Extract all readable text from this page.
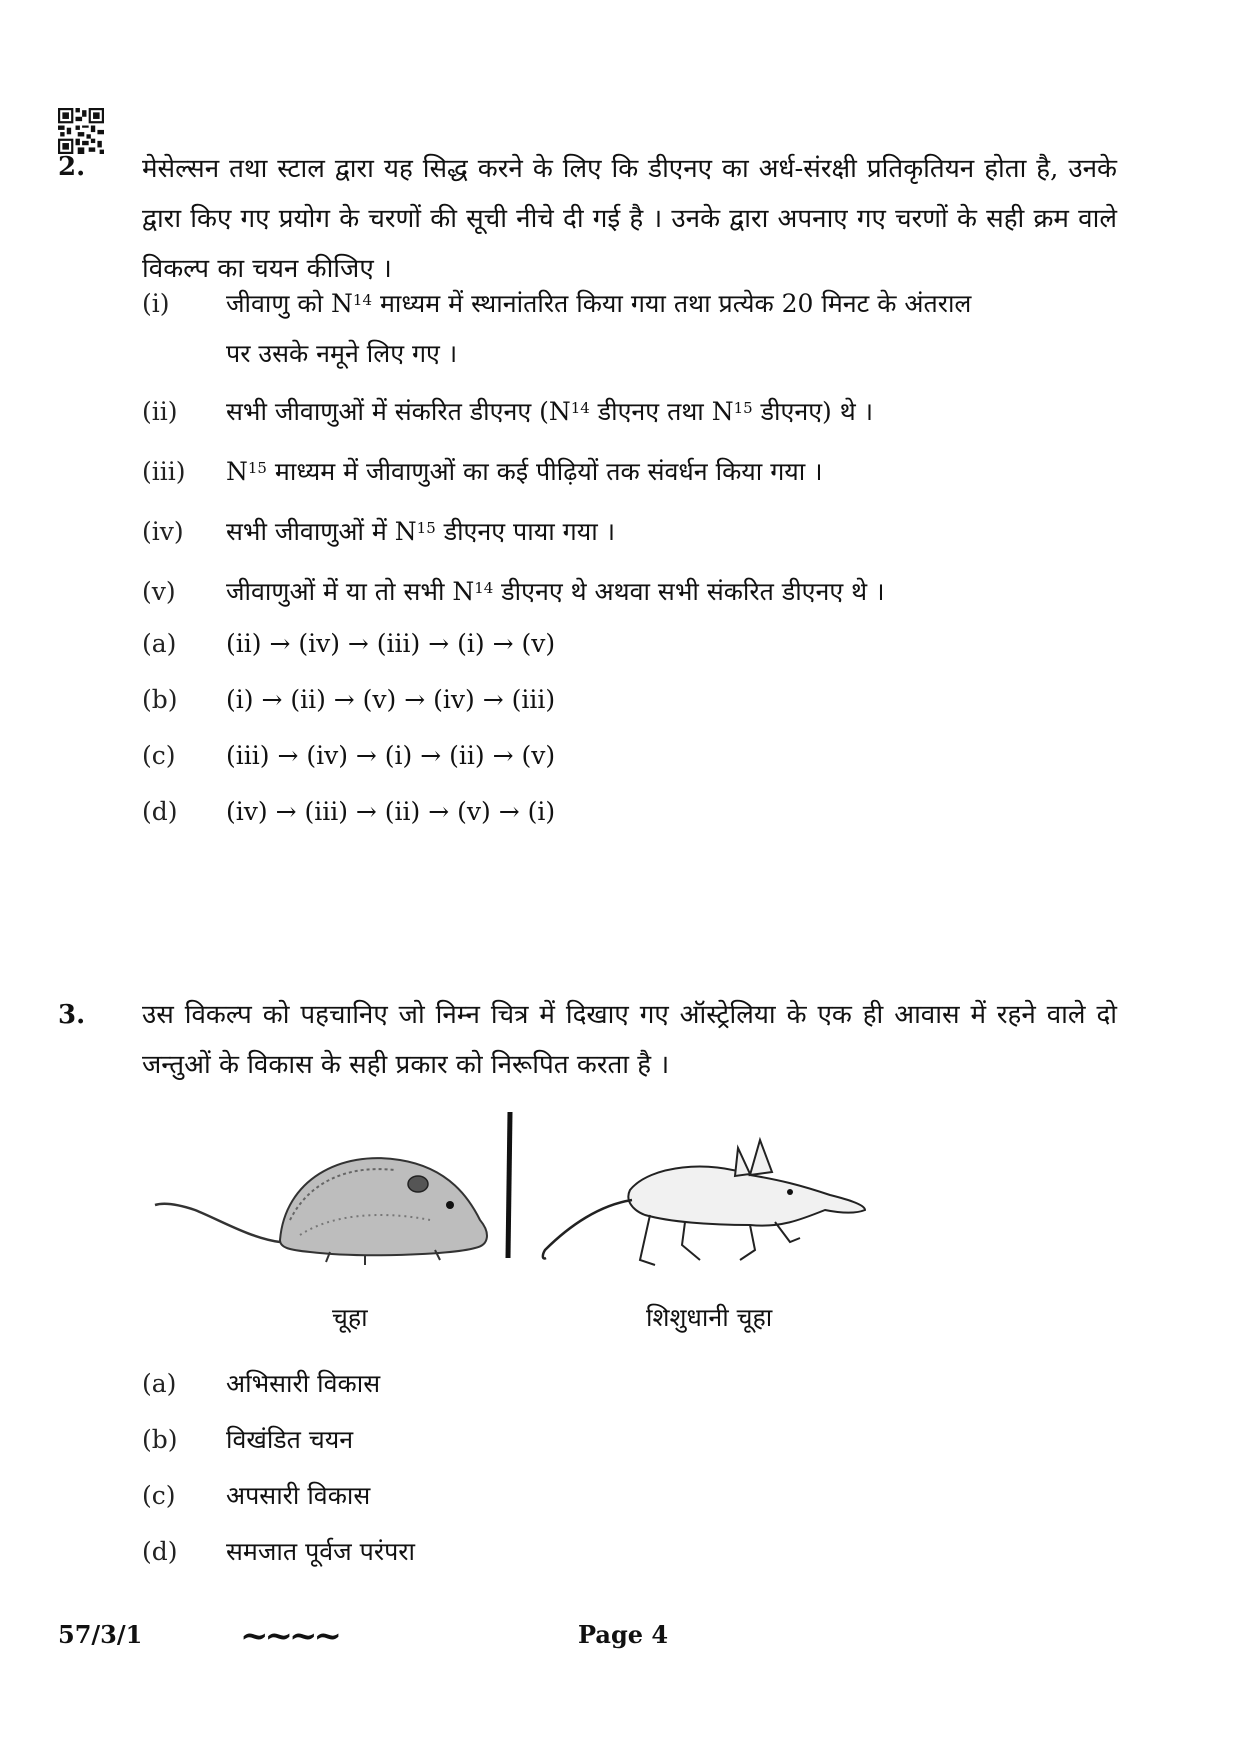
2. मेसेल्सन तथा स्टाल द्वारा यह सिद्ध करने के लिए कि डीएनए का अर्ध-संरक्षी प्रतिकृतियन होता है, उनके द्वारा किए गए प्रयोग के चरणों की सूची नीचे दी गई है । उनके द्वारा अपनाए गए चरणों के सही क्रम वाले विकल्प का चयन कीजिए ।
(i) जीवाणु को $N^{14}$ माध्यम में स्थानांतरित किया गया तथा प्रत्येक 20 मिनट के अंतराल
पर उसके नमूने लिए गए ।
(ii) सभी जीवाणुओं में संकरित डीएनए ($N^{14}$ डीएनए तथा $N^{15}$ डीएनए) थे ।
(iii) $N^{15}$ माध्यम में जीवाणुओं का कई पीढ़ियों तक संवर्धन किया गया ।
(iv) सभी जीवाणुओं में $N^{15}$ डीएनए पाया गया ।
(v) जीवाणुओं में या तो सभी $N^{14}$ डीएनए थे अथवा सभी संकरित डीएनए थे ।
(a) (ii) → (iv) → (iii) → (i) → (v)
(b) (i) → (ii) → (v) → (iv) → (iii)
(c) (iii) → (iv) → (i) → (ii) → (v)
(d) (iv) → (iii) → (ii) → (v) → (i)
3. उस विकल्प को पहचानिए जो निम्न चित्र में दिखाए गए ऑस्ट्रेलिया के एक ही आवास में रहने वाले दो जन्तुओं के विकास के सही प्रकार को निरूपित करता है ।
चूहा	शिशुधानी चूहा
(a) अभिसारी विकास
(b) विखंडित चयन
(c) अपसारी विकास
(d) समजात पूर्वज परंपरा
57/3/1	~~~~	Page 4
